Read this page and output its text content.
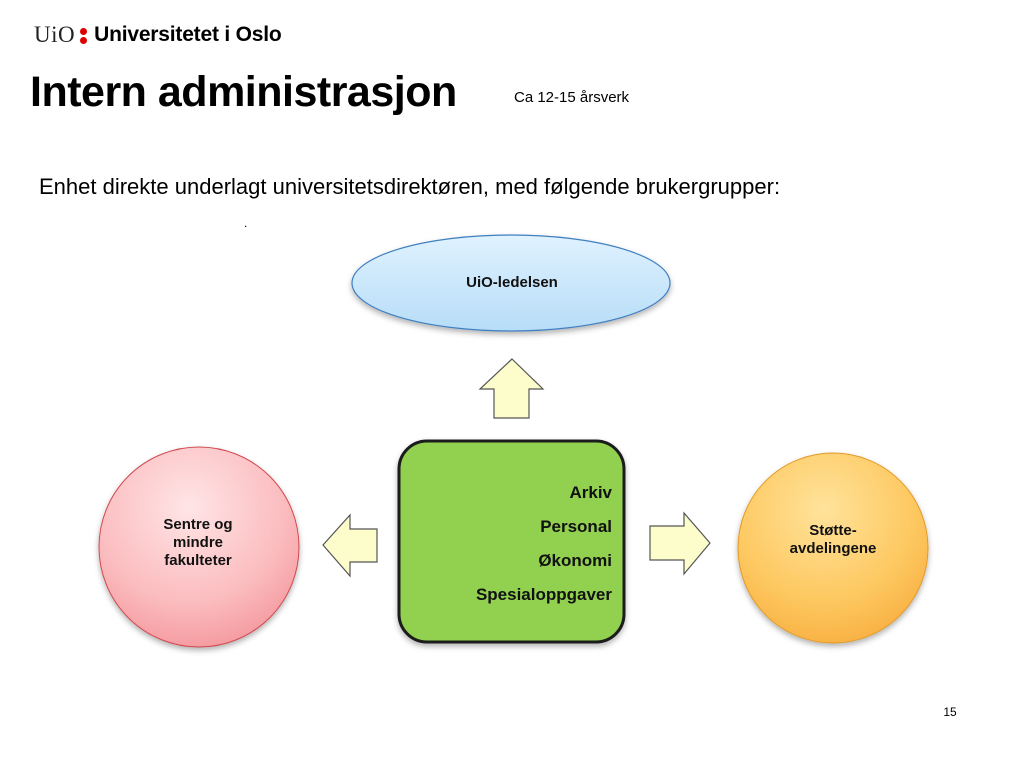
UiO Universitetet i Oslo
Intern administrasjon	Ca 12-15 årsverk
Enhet direkte underlagt universitetsdirektøren, med følgende brukergrupper:
.
UiO-ledelsen
Sentre og
mindre
fakulteter
Støtte-
avdelingene
Arkiv
Personal
Økonomi
Spesialoppgaver
15
